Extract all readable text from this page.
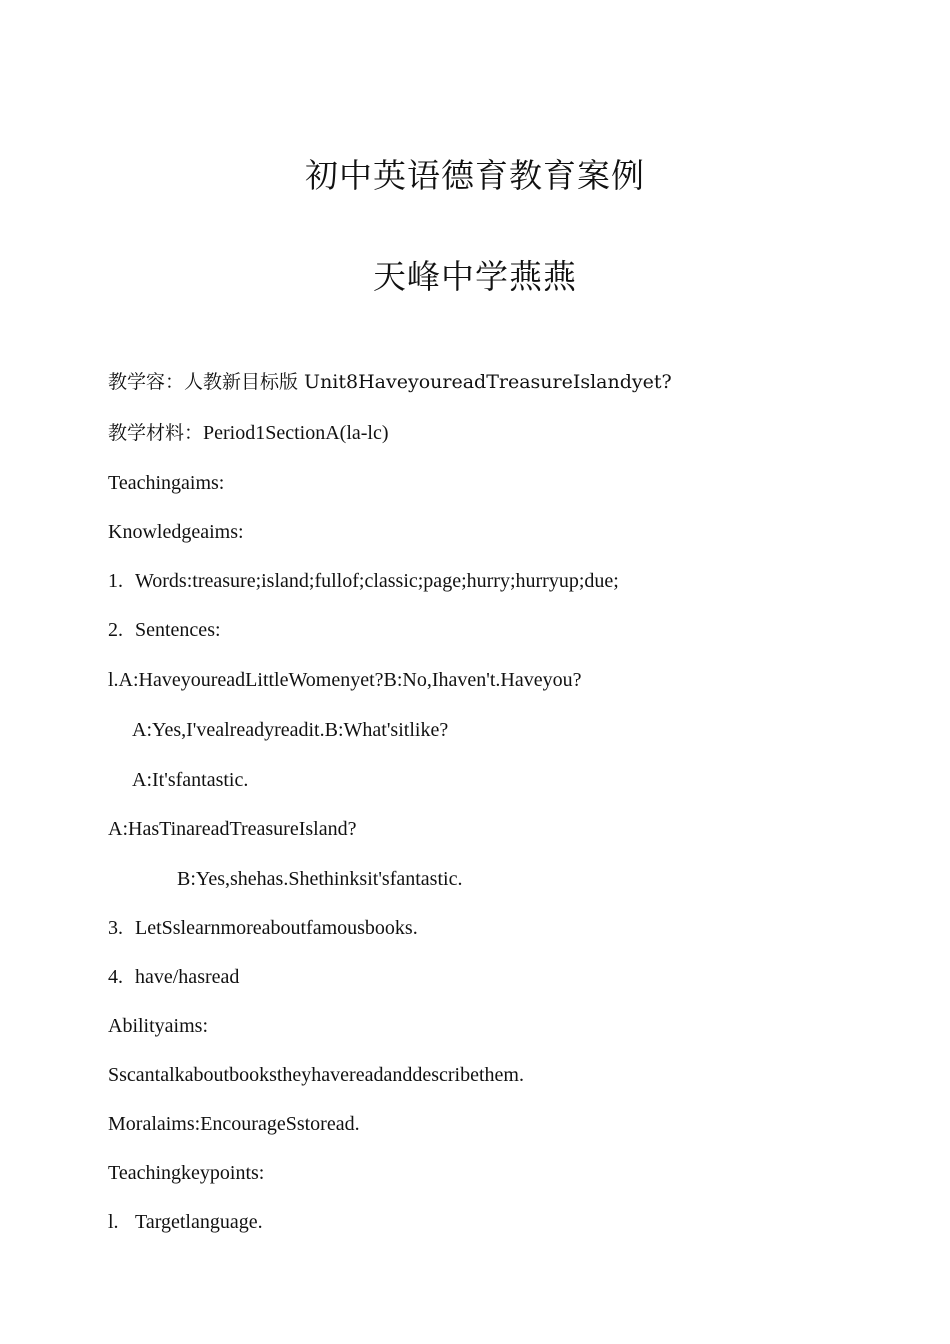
初中英语德育教育案例
天峰中学燕燕

教学容：人教新目标版 Unit8HaveyoureadTreasureIslandyet?

教学材料：Period1SectionA(la-lc)

Teachingaims:

Knowledgeaims:

1. Words:treasure;island;fullof;classic;page;hurry;hurryup;due;

2. Sentences:

l.A:HaveyoureadLittleWomenyet?B:No,Ihaven't.Haveyou?

A:Yes,I'vealreadyreadit.B:What'sitlike?

A:It'sfantastic.

A:HasTinareadTreasureIsland?

B:Yes,shehas.Shethinksit'sfantastic.

3. LetSslearnmoreaboutfamousbooks.

4. have/hasread

Abilityaims:

Sscantalkaboutbookstheyhavereadanddescribethem.

Moralaims:EncourageSstoread.

Teachingkeypoints:

l. Targetlanguage.
